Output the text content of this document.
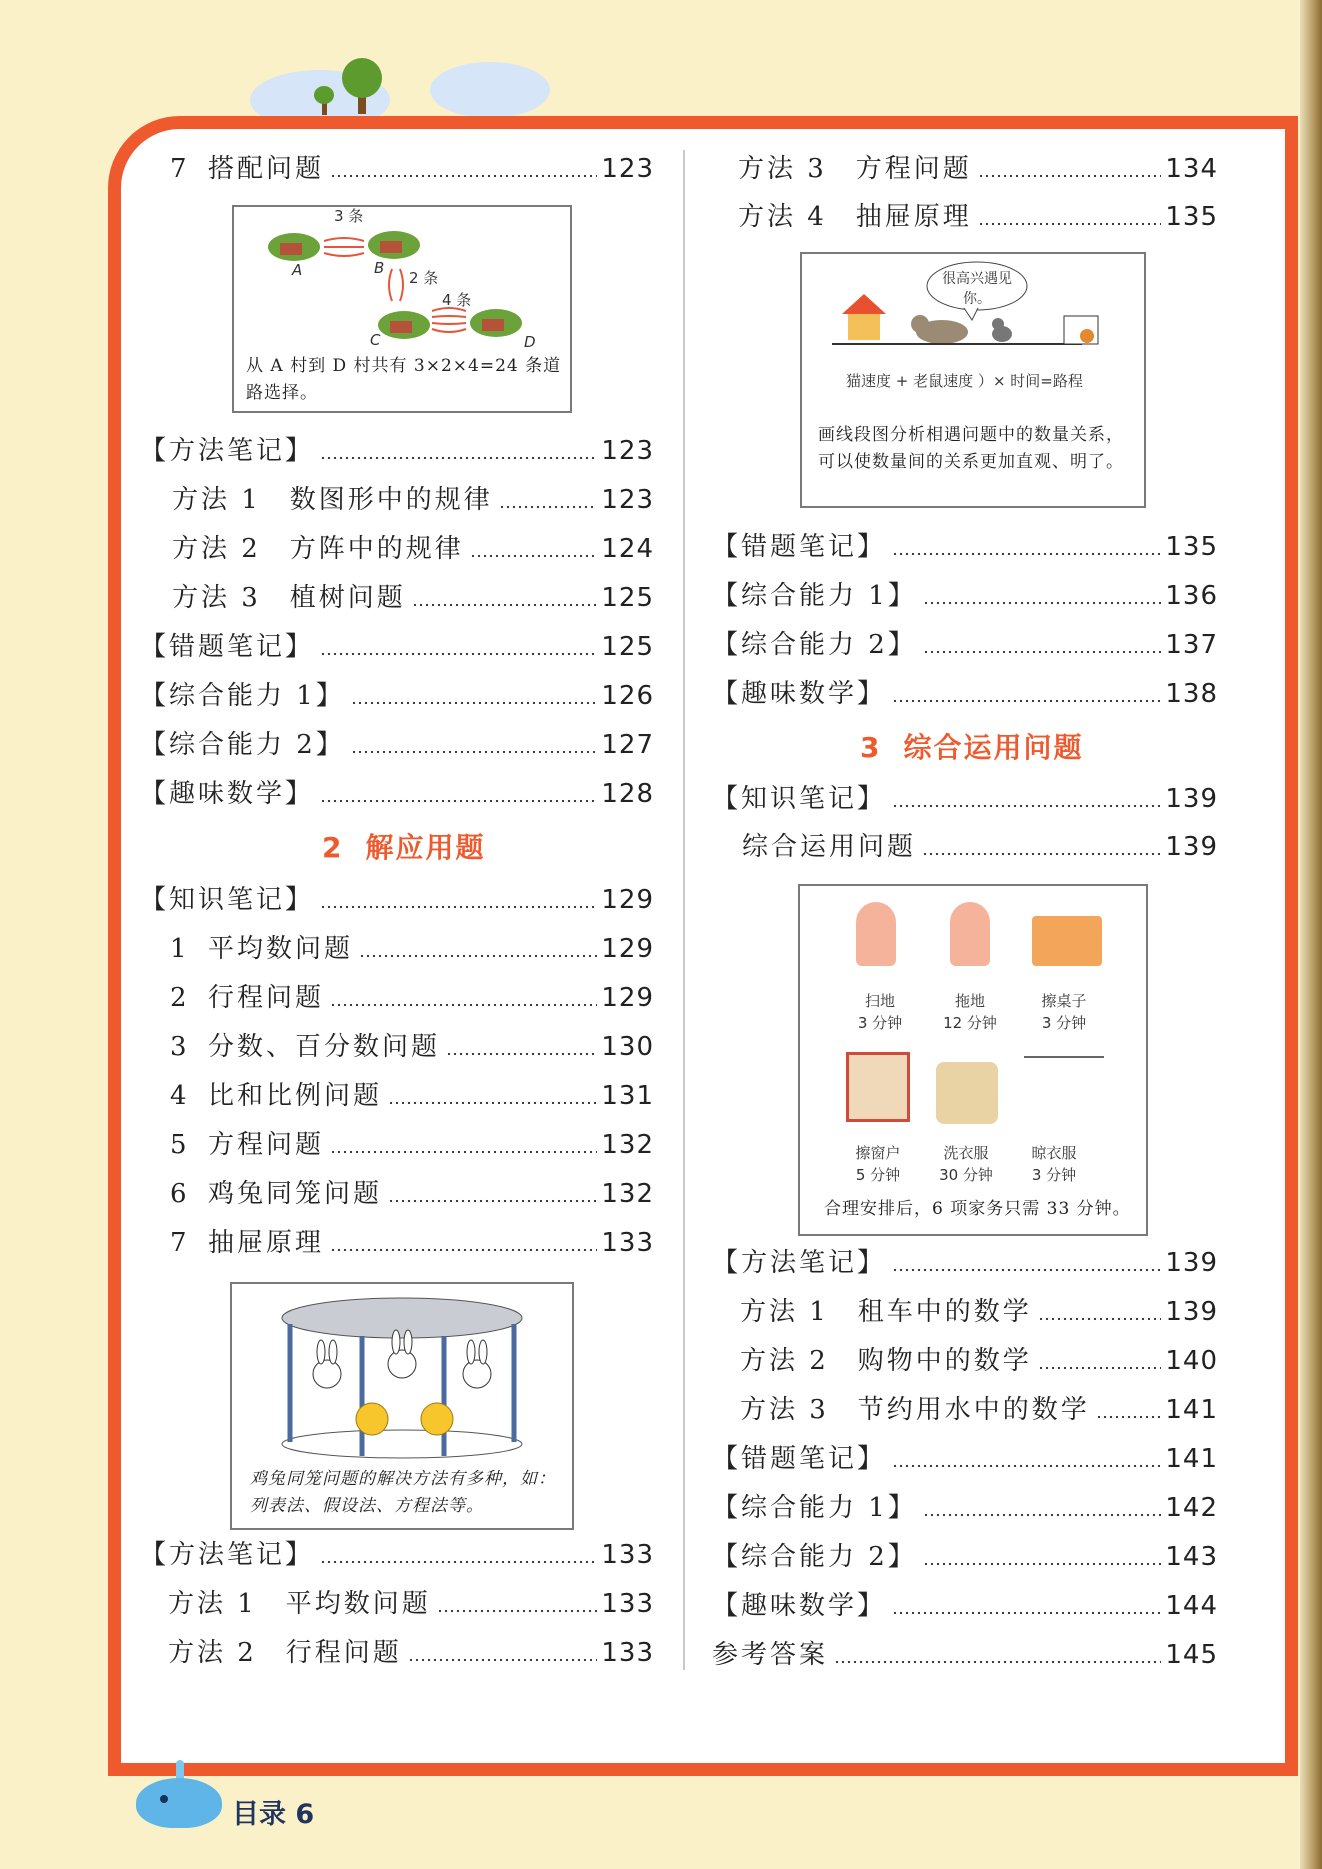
7 搭配问题	123
3 条
2 条
4 条
A	B
C	D
从 A 村到 D 村共有 3×2×4=24 条道路选择。
【方法笔记】	123
方法 1　数图形中的规律	123
方法 2　方阵中的规律	124
方法 3　植树问题	125
【错题笔记】	125
【综合能力 1】	126
【综合能力 2】	127
【趣味数学】	128
2 解应用题
【知识笔记】	129
1 平均数问题	129
2 行程问题	129
3 分数、百分数问题	130
4 比和比例问题	131
5 方程问题	132
6 鸡兔同笼问题	132
7 抽屉原理	133
鸡兔同笼问题的解决方法有多种，如：列表法、假设法、方程法等。
【方法笔记】	133
方法 1　平均数问题	133
方法 2　行程问题	133
方法 3　方程问题	134
方法 4　抽屉原理	135
很高兴遇见你。
猫速度 + 老鼠速度 ）× 时间=路程
画线段图分析相遇问题中的数量关系，可以使数量间的关系更加直观、明了。
【错题笔记】	135
【综合能力 1】	136
【综合能力 2】	137
【趣味数学】	138
3 综合运用问题
【知识笔记】	139
综合运用问题	139
扫地
3 分钟
拖地
12 分钟
擦桌子
3 分钟
擦窗户
5 分钟
洗衣服
30 分钟
晾衣服
3 分钟
合理安排后，6 项家务只需 33 分钟。
【方法笔记】	139
方法 1　租车中的数学	139
方法 2　购物中的数学	140
方法 3　节约用水中的数学	141
【错题笔记】	141
【综合能力 1】	142
【综合能力 2】	143
【趣味数学】	144
参考答案	145
目录 6
